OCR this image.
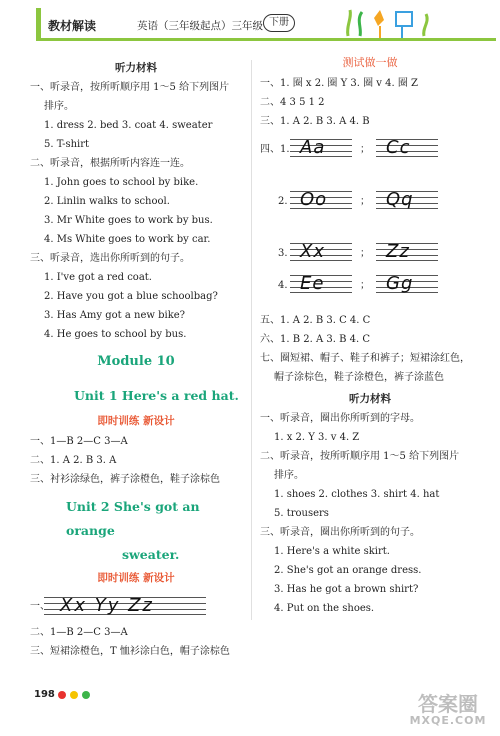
教材解读	英语（三年级起点）三年级 下册
听力材料
一、听录音，按所听顺序用 1～5 给下列图片
排序。
1. dress 2. bed 3. coat 4. sweater
5. T-shirt
二、听录音，根据所听内容连一连。
1. John goes to school by bike.
2. Linlin walks to school.
3. Mr White goes to work by bus.
4. Ms White goes to work by car.
三、听录音，选出你所听到的句子。
1. I've got a red coat.
2. Have you got a blue schoolbag?
3. Has Amy got a new bike?
4. He goes to school by bus.
Module 10
Unit 1 Here's a red hat.
即时训练 新设计
一、1—B 2—C 3—A
二、1. A 2. B 3. A
三、衬衫涂绿色，裤子涂橙色，鞋子涂棕色
Unit 2 She's got an orange
sweater.
即时训练 新设计
一、 Xx Yy Zz
二、1—B 2—C 3—A
三、短裙涂橙色，T 恤衫涂白色，帽子涂棕色
测试做一做
一、1. 圈 x 2. 圈 Y 3. 圈 v 4. 圈 Z
二、4 3 5 1 2
三、1. A 2. B 3. A 4. B
四、1. Aa	； Cc
2. Oo	； Qq
3. Xx	； Zz
4. Ee	； Gg
五、1. A 2. B 3. C 4. C
六、1. B 2. A 3. B 4. C
七、圈短裙、帽子、鞋子和裤子；短裙涂红色，
帽子涂棕色，鞋子涂橙色，裤子涂蓝色
听力材料
一、听录音，圈出你所听到的字母。
1. x 2. Y 3. v 4. Z
二、听录音，按所听顺序用 1～5 给下列图片
排序。
1. shoes 2. clothes 3. shirt 4. hat
5. trousers
三、听录音，圈出你所听到的句子。
1. Here's a white skirt.
2. She's got an orange dress.
3. Has he got a brown shirt?
4. Put on the shoes.
198	答案圈
MXQE.COM
